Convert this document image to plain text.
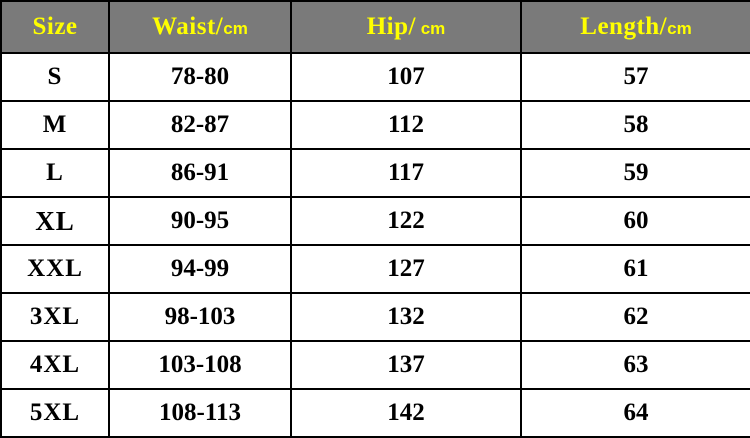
Size	Waist/cm	Hip/ cm	Length/cm
S	78-80	107	57
M	82-87	112	58
L	86-91	117	59
XL	90-95	122	60
XXL	94-99	127	61
3XL	98-103	132	62
4XL	103-108	137	63
5XL	108-113	142	64
